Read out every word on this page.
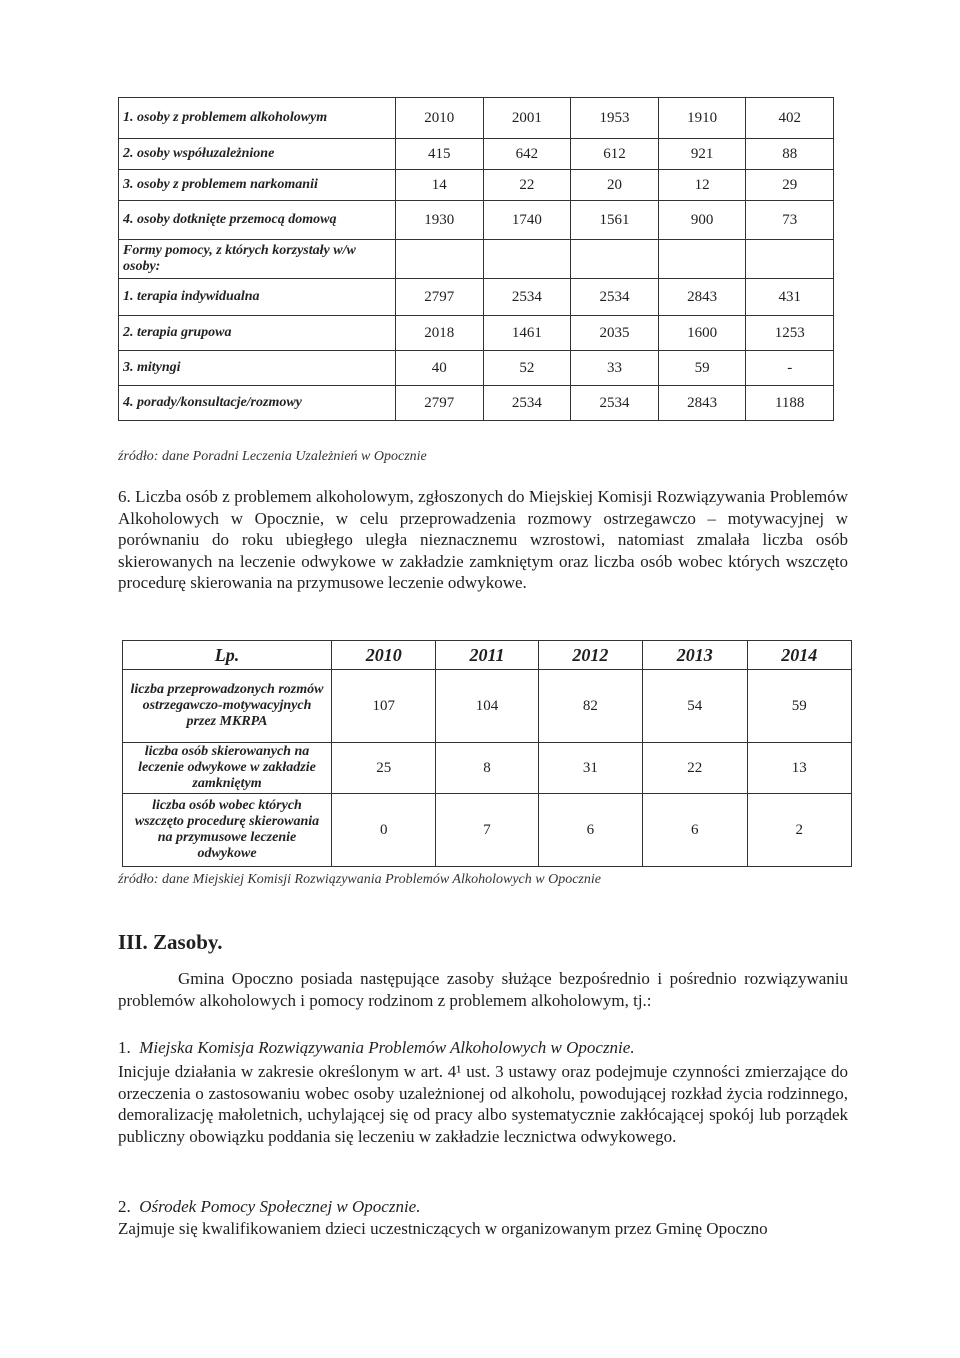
1. osoby z problemem alkoholowym	2010	2001	1953	1910	402
2. osoby współuzależnione	415	642	612	921	88
3. osoby z problemem narkomanii	14	22	20	12	29
4. osoby dotknięte przemocą domową	1930	1740	1561	900	73
Formy pomocy, z których korzystały w/w osoby:					
1. terapia indywidualna	2797	2534	2534	2843	431
2. terapia grupowa	2018	1461	2035	1600	1253
3. mityngi	40	52	33	59	-
4. porady/konsultacje/rozmowy	2797	2534	2534	2843	1188
źródło: dane Poradni Leczenia Uzależnień w Opocznie
6. Liczba osób z problemem alkoholowym, zgłoszonych do Miejskiej Komisji Rozwiązywania Problemów Alkoholowych w Opocznie, w celu przeprowadzenia rozmowy ostrzegawczo – motywacyjnej w porównaniu do roku ubiegłego uległa nieznacznemu wzrostowi, natomiast zmalała liczba osób skierowanych na leczenie odwykowe w zakładzie zamkniętym oraz liczba osób wobec których wszczęto procedurę skierowania na przymusowe leczenie odwykowe.
Lp.	2010	2011	2012	2013	2014
liczba przeprowadzonych rozmów ostrzegawczo-motywacyjnych przez MKRPA	107	104	82	54	59
liczba osób skierowanych na leczenie odwykowe w zakładzie zamkniętym	25	8	31	22	13
liczba osób wobec których wszczęto procedurę skierowania na przymusowe leczenie odwykowe	0	7	6	6	2
źródło: dane Miejskiej Komisji Rozwiązywania Problemów Alkoholowych w Opocznie
III. Zasoby.
Gmina Opoczno posiada następujące zasoby służące bezpośrednio i pośrednio rozwiązywaniu problemów alkoholowych i pomocy rodzinom z problemem alkoholowym, tj.:
1. Miejska Komisja Rozwiązywania Problemów Alkoholowych w Opocznie.
Inicjuje działania w zakresie określonym w art. 4¹ ust. 3 ustawy oraz podejmuje czynności zmierzające do orzeczenia o zastosowaniu wobec osoby uzależnionej od alkoholu, powodującej rozkład życia rodzinnego, demoralizację małoletnich, uchylającej się od pracy albo systematycznie zakłócającej spokój lub porządek publiczny obowiązku poddania się leczeniu w zakładzie lecznictwa odwykowego.
2. Ośrodek Pomocy Społecznej w Opocznie.
Zajmuje się kwalifikowaniem dzieci uczestniczących w organizowanym przez Gminę Opoczno
